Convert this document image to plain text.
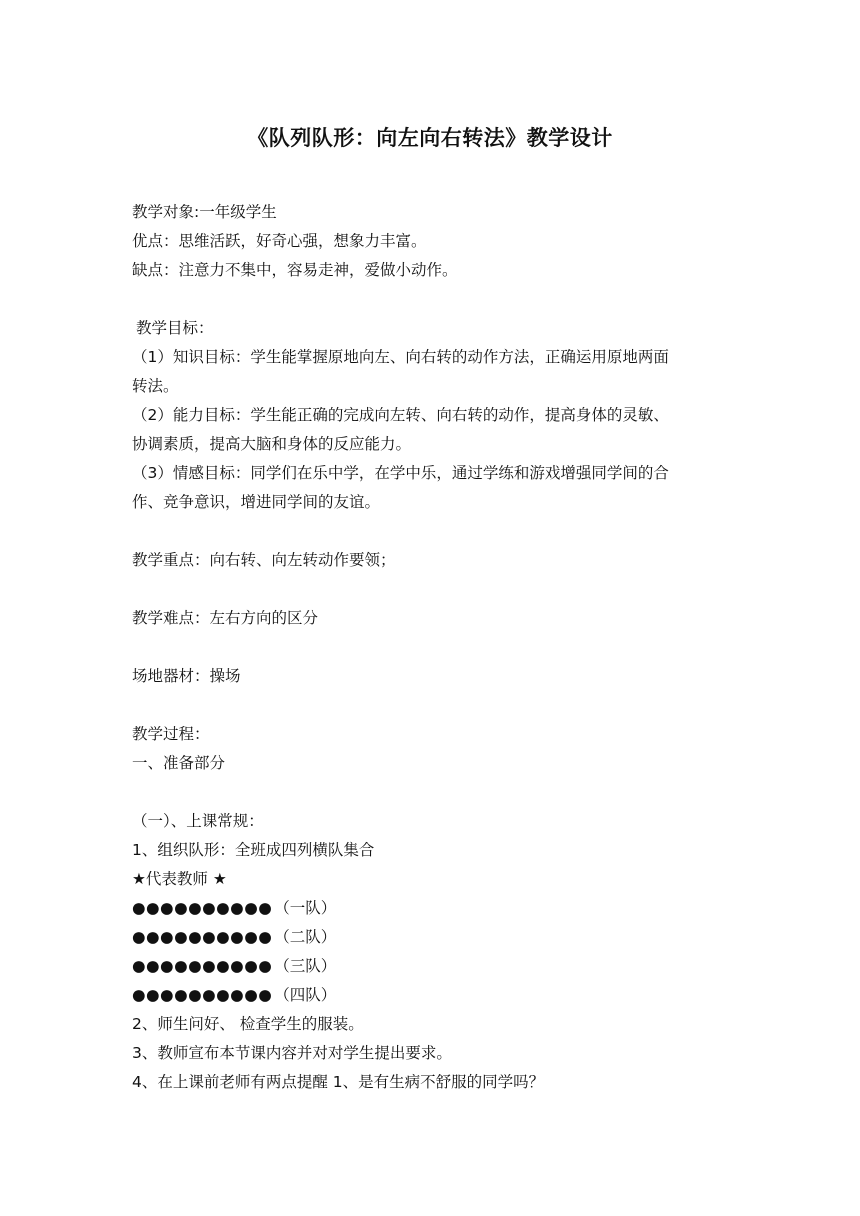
《队列队形：向左向右转法》教学设计
教学对象:一年级学生
优点：思维活跃，好奇心强，想象力丰富。
缺点：注意力不集中，容易走神，爱做小动作。
教学目标：
（1）知识目标：学生能掌握原地向左、向右转的动作方法，正确运用原地两面
转法。
（2）能力目标：学生能正确的完成向左转、向右转的动作，提高身体的灵敏、
协调素质，提高大脑和身体的反应能力。
（3）情感目标：同学们在乐中学，在学中乐，通过学练和游戏增强同学间的合
作、竞争意识，增进同学间的友谊。
教学重点：向右转、向左转动作要领；
教学难点：左右方向的区分
场地器材：操场
教学过程：
一、准备部分
（一）、上课常规：
1、组织队形：全班成四列横队集合
★代表教师 ★
●●●●●●●●●● （一队）
●●●●●●●●●● （二队）
●●●●●●●●●● （三队）
●●●●●●●●●● （四队）
2、师生问好、 检查学生的服装。
3、教师宣布本节课内容并对对学生提出要求。
4、在上课前老师有两点提醒 1、是有生病不舒服的同学吗？
